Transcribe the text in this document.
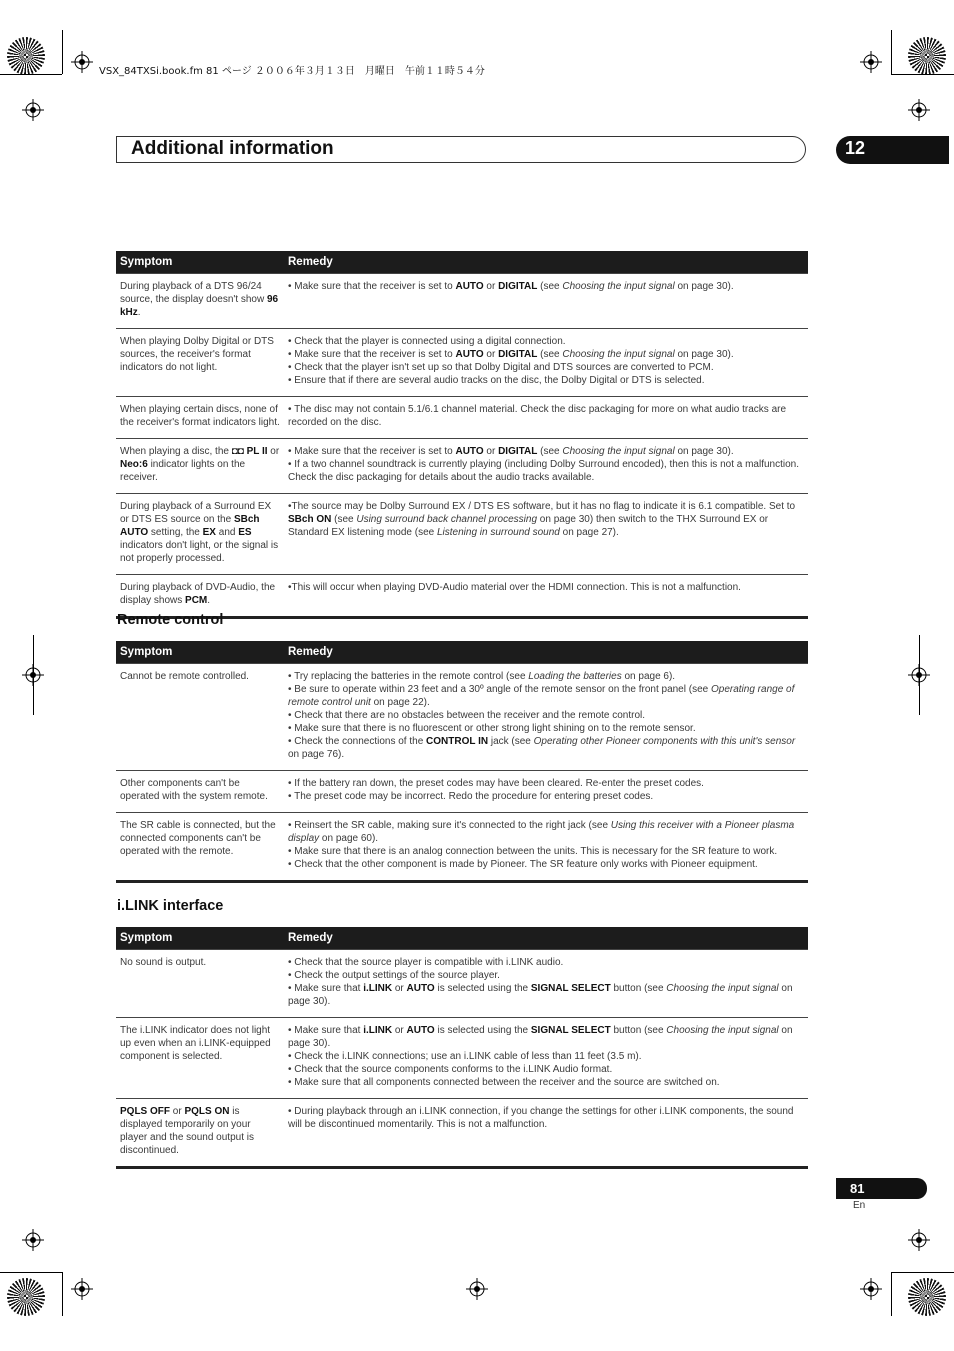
VSX_84TXSi.book.fm 81 ページ ２００６年３月１３日　月曜日　午前１１時５４分
Additional information	12
Symptom	Remedy
During playback of a DTS 96/24 source, the display doesn't show 96 kHz.	• Make sure that the receiver is set to AUTO or DIGITAL (see Choosing the input signal on page 30).

When playing Dolby Digital or DTS sources, the receiver's format indicators do not light.	• Check that the player is connected using a digital connection.
• Make sure that the receiver is set to AUTO or DIGITAL (see Choosing the input signal on page 30).
• Check that the player isn't set up so that Dolby Digital and DTS sources are converted to PCM.
• Ensure that if there are several audio tracks on the disc, the Dolby Digital or DTS is selected.

When playing certain discs, none of the receiver's format indicators light.	• The disc may not contain 5.1/6.1 channel material. Check the disc packaging for more on what audio tracks are recorded on the disc.

When playing a disc, the ◘◘ PL II or Neo:6 indicator lights on the receiver.	• Make sure that the receiver is set to AUTO or DIGITAL (see Choosing the input signal on page 30).
• If a two channel soundtrack is currently playing (including Dolby Surround encoded), then this is not a malfunction. Check the disc packaging for details about the audio tracks available.

During playback of a Surround EX or DTS ES source on the SBch AUTO setting, the EX and ES indicators don't light, or the signal is not properly processed.	•The source may be Dolby Surround EX / DTS ES software, but it has no flag to indicate it is 6.1 compatible. Set to SBch ON (see Using surround back channel processing on page 30) then switch to the THX Surround EX or Standard EX listening mode (see Listening in surround sound on page 27).

During playback of DVD-Audio, the display shows PCM.	•This will occur when playing DVD-Audio material over the HDMI connection. This is not a malfunction.
Remote control
Symptom	Remedy
Cannot be remote controlled.	• Try replacing the batteries in the remote control (see Loading the batteries on page 6).
• Be sure to operate within 23 feet and a 30º angle of the remote sensor on the front panel (see Operating range of remote control unit on page 22).
• Check that there are no obstacles between the receiver and the remote control.
• Make sure that there is no fluorescent or other strong light shining on to the remote sensor.
• Check the connections of the CONTROL IN jack (see Operating other Pioneer components with this unit's sensor on page 76).

Other components can't be operated with the system remote.	• If the battery ran down, the preset codes may have been cleared. Re-enter the preset codes.
• The preset code may be incorrect. Redo the procedure for entering preset codes.

The SR cable is connected, but the connected components can't be operated with the remote.	• Reinsert the SR cable, making sure it's connected to the right jack (see Using this receiver with a Pioneer plasma display on page 60).
• Make sure that there is an analog connection between the units. This is necessary for the SR feature to work.
• Check that the other component is made by Pioneer. The SR feature only works with Pioneer equipment.
i.LINK interface
Symptom	Remedy
No sound is output.	• Check that the source player is compatible with i.LINK audio.
• Check the output settings of the source player.
• Make sure that i.LINK or AUTO is selected using the SIGNAL SELECT button (see Choosing the input signal on page 30).

The i.LINK indicator does not light up even when an i.LINK-equipped component is selected.	• Make sure that i.LINK or AUTO is selected using the SIGNAL SELECT button (see Choosing the input signal on page 30).
• Check the i.LINK connections; use an i.LINK cable of less than 11 feet (3.5 m).
• Check that the source components conforms to the i.LINK Audio format.
• Make sure that all components connected between the receiver and the source are switched on.

PQLS OFF or PQLS ON is displayed temporarily on your player and the sound output is discontinued.	• During playback through an i.LINK connection, if you change the settings for other i.LINK components, the sound will be discontinued momentarily. This is not a malfunction.
81
En
